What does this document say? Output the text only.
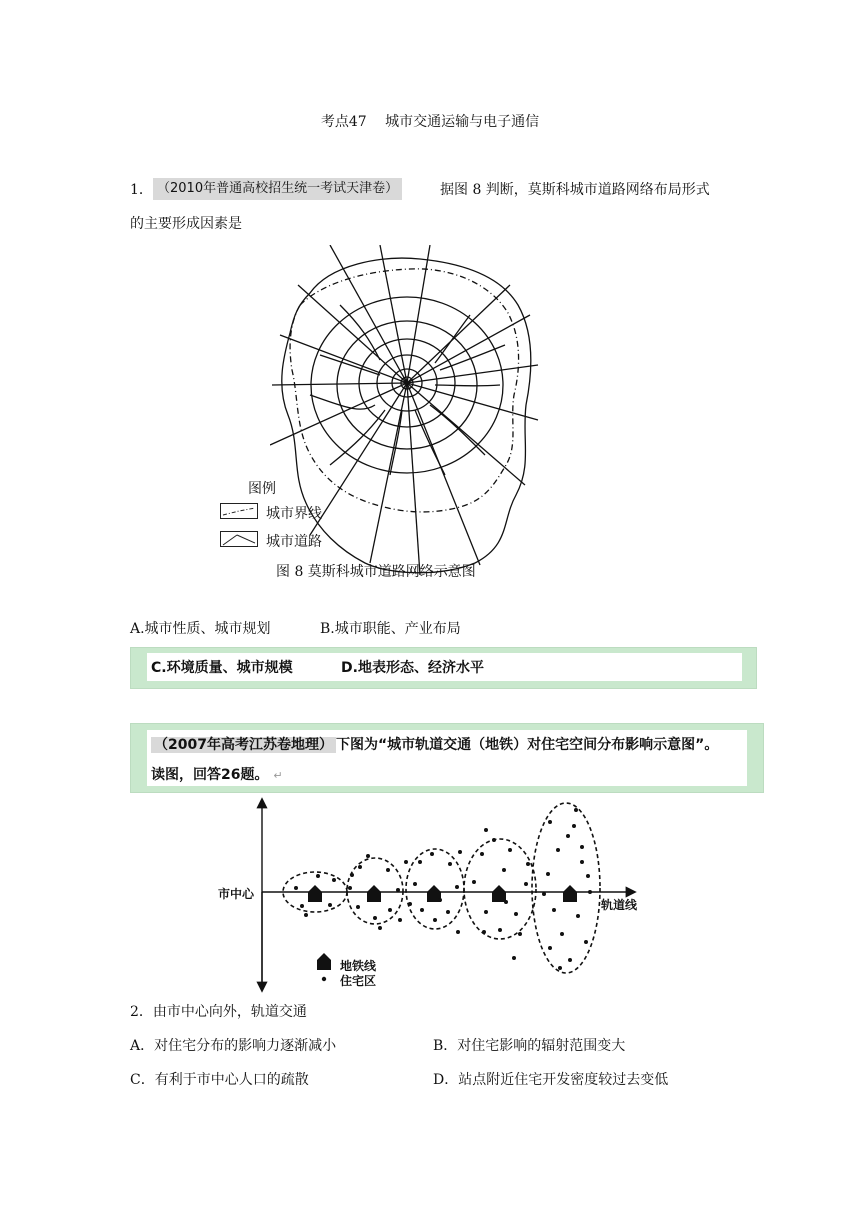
考点47　 城市交通运输与电子通信
1． （2010年普通高校招生统一考试天津卷）	据图 8 判断，莫斯科城市道路网络布局形式
的主要形成因素是
图例
城市界线
城市道路
图 8 莫斯科城市道路网络示意图
A.城市性质、城市规划	B.城市职能、产业布局
C.环境质量、城市规模	D.地表形态、经济水平
（2007年高考江苏卷地理） 下图为“城市轨道交通（地铁）对住宅空间分布影响示意图”。
读图，回答26题。 ↵
市中心
轨道线
地铁线
住宅区
2．由市中心向外，轨道交通
A．对住宅分布的影响力逐渐减小	B．对住宅影响的辐射范围变大
C．有利于市中心人口的疏散	D．站点附近住宅开发密度较过去变低
